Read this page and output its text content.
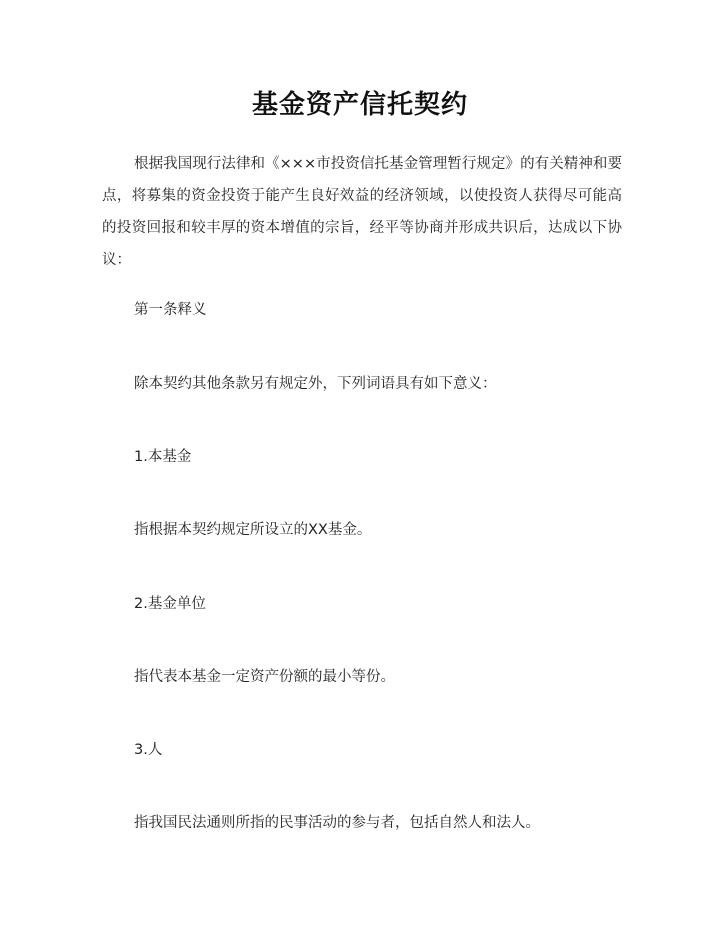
基金资产信托契约
根据我国现行法律和《×××市投资信托基金管理暂行规定》的有关精神和要点，将募集的资金投资于能产生良好效益的经济领域，以使投资人获得尽可能高的投资回报和较丰厚的资本增值的宗旨，经平等协商并形成共识后，达成以下协议：
第一条释义
除本契约其他条款另有规定外，下列词语具有如下意义：
1.本基金
指根据本契约规定所设立的XX基金。
2.基金单位
指代表本基金一定资产份额的最小等份。
3.人
指我国民法通则所指的民事活动的参与者，包括自然人和法人。
